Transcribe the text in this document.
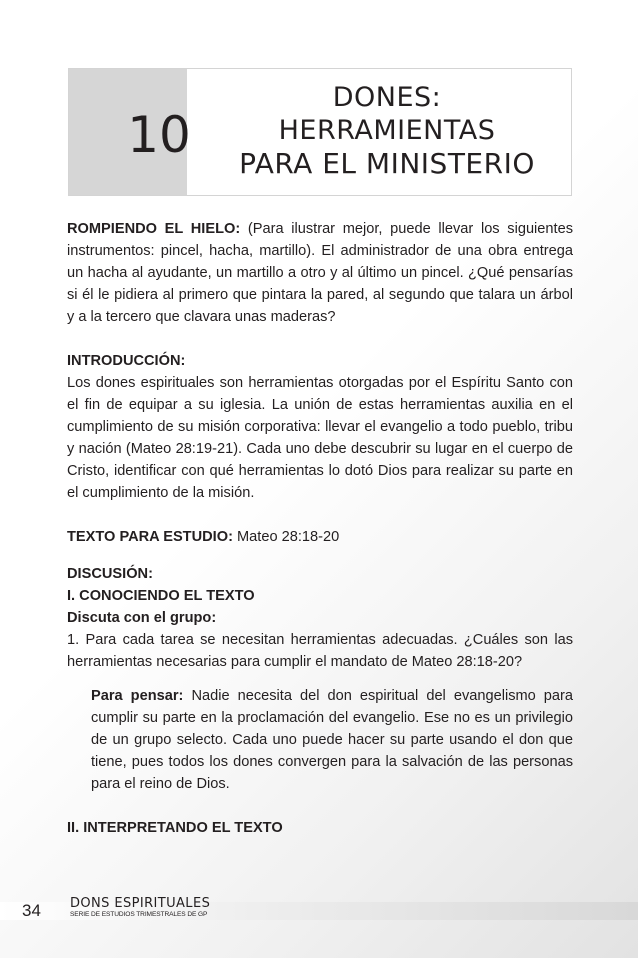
10
DONES:
HERRAMIENTAS
PARA EL MINISTERIO

ROMPIENDO EL HIELO: (Para ilustrar mejor, puede llevar los siguientes instrumentos: pincel, hacha, martillo). El administrador de una obra entrega un hacha al ayudante, un martillo a otro y al último un pincel. ¿Qué pensarías si él le pidiera al primero que pintara la pared, al segundo que talara un árbol y a la tercero que clavara unas maderas?

INTRODUCCIÓN:

Los dones espirituales son herramientas otorgadas por el Espíritu Santo con el fin de equipar a su iglesia. La unión de estas herramientas auxilia en el cumplimiento de su misión corporativa: llevar el evangelio a todo pueblo, tribu y nación (Mateo 28:19-21). Cada uno debe descubrir su lugar en el cuerpo de Cristo, identificar con qué herramientas lo dotó Dios para realizar su parte en el cumplimiento de la misión.

TEXTO PARA ESTUDIO: Mateo 28:18-20

DISCUSIÓN:

I. CONOCIENDO EL TEXTO

Discuta con el grupo:

1. Para cada tarea se necesitan herramientas adecuadas. ¿Cuáles son las herramientas necesarias para cumplir el mandato de Mateo 28:18-20?

Para pensar: Nadie necesita del don espiritual del evangelismo para cumplir su parte en la proclamación del evangelio. Ese no es un privilegio de un grupo selecto. Cada uno puede hacer su parte usando el don que tiene, pues todos los dones convergen para la salvación de las personas para el reino de Dios.

II. INTERPRETANDO EL TEXTO

34 DONS ESPIRITUALES
SERIE DE ESTUDIOS TRIMESTRALES DE GP
